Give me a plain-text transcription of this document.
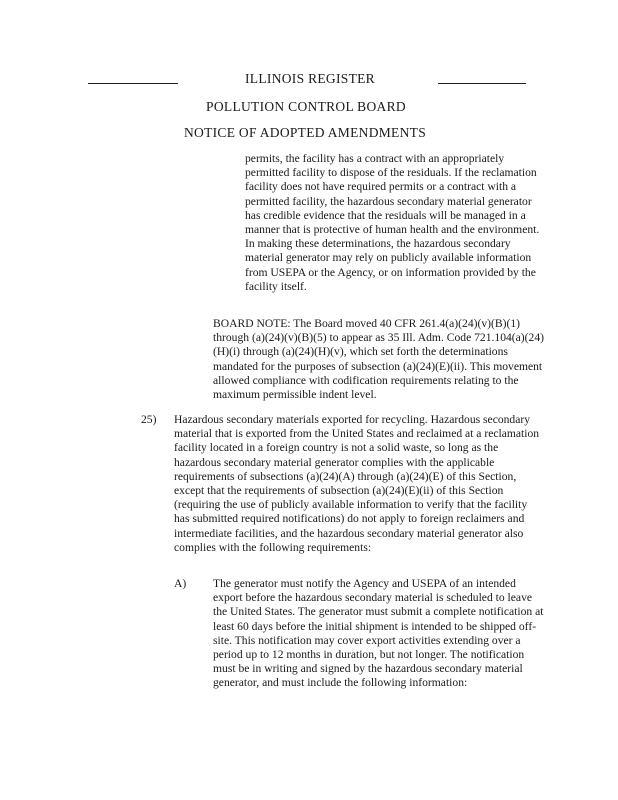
ILLINOIS REGISTER
POLLUTION CONTROL BOARD
NOTICE OF ADOPTED AMENDMENTS

permits, the facility has a contract with an appropriately permitted facility to dispose of the residuals. If the reclamation facility does not have required permits or a contract with a permitted facility, the hazardous secondary material generator has credible evidence that the residuals will be managed in a manner that is protective of human health and the environment. In making these determinations, the hazardous secondary material generator may rely on publicly available information from USEPA or the Agency, or on information provided by the facility itself.

BOARD NOTE: The Board moved 40 CFR 261.4(a)(24)(v)(B)(1) through (a)(24)(v)(B)(5) to appear as 35 Ill. Adm. Code 721.104(a)(24)(H)(i) through (a)(24)(H)(v), which set forth the determinations mandated for the purposes of subsection (a)(24)(E)(ii). This movement allowed compliance with codification requirements relating to the maximum permissible indent level.

25) Hazardous secondary materials exported for recycling. Hazardous secondary material that is exported from the United States and reclaimed at a reclamation facility located in a foreign country is not a solid waste, so long as the hazardous secondary material generator complies with the applicable requirements of subsections (a)(24)(A) through (a)(24)(E) of this Section, except that the requirements of subsection (a)(24)(E)(ii) of this Section (requiring the use of publicly available information to verify that the facility has submitted required notifications) do not apply to foreign reclaimers and intermediate facilities, and the hazardous secondary material generator also complies with the following requirements:

A) The generator must notify the Agency and USEPA of an intended export before the hazardous secondary material is scheduled to leave the United States. The generator must submit a complete notification at least 60 days before the initial shipment is intended to be shipped off-site. This notification may cover export activities extending over a period up to 12 months in duration, but not longer. The notification must be in writing and signed by the hazardous secondary material generator, and must include the following information:
